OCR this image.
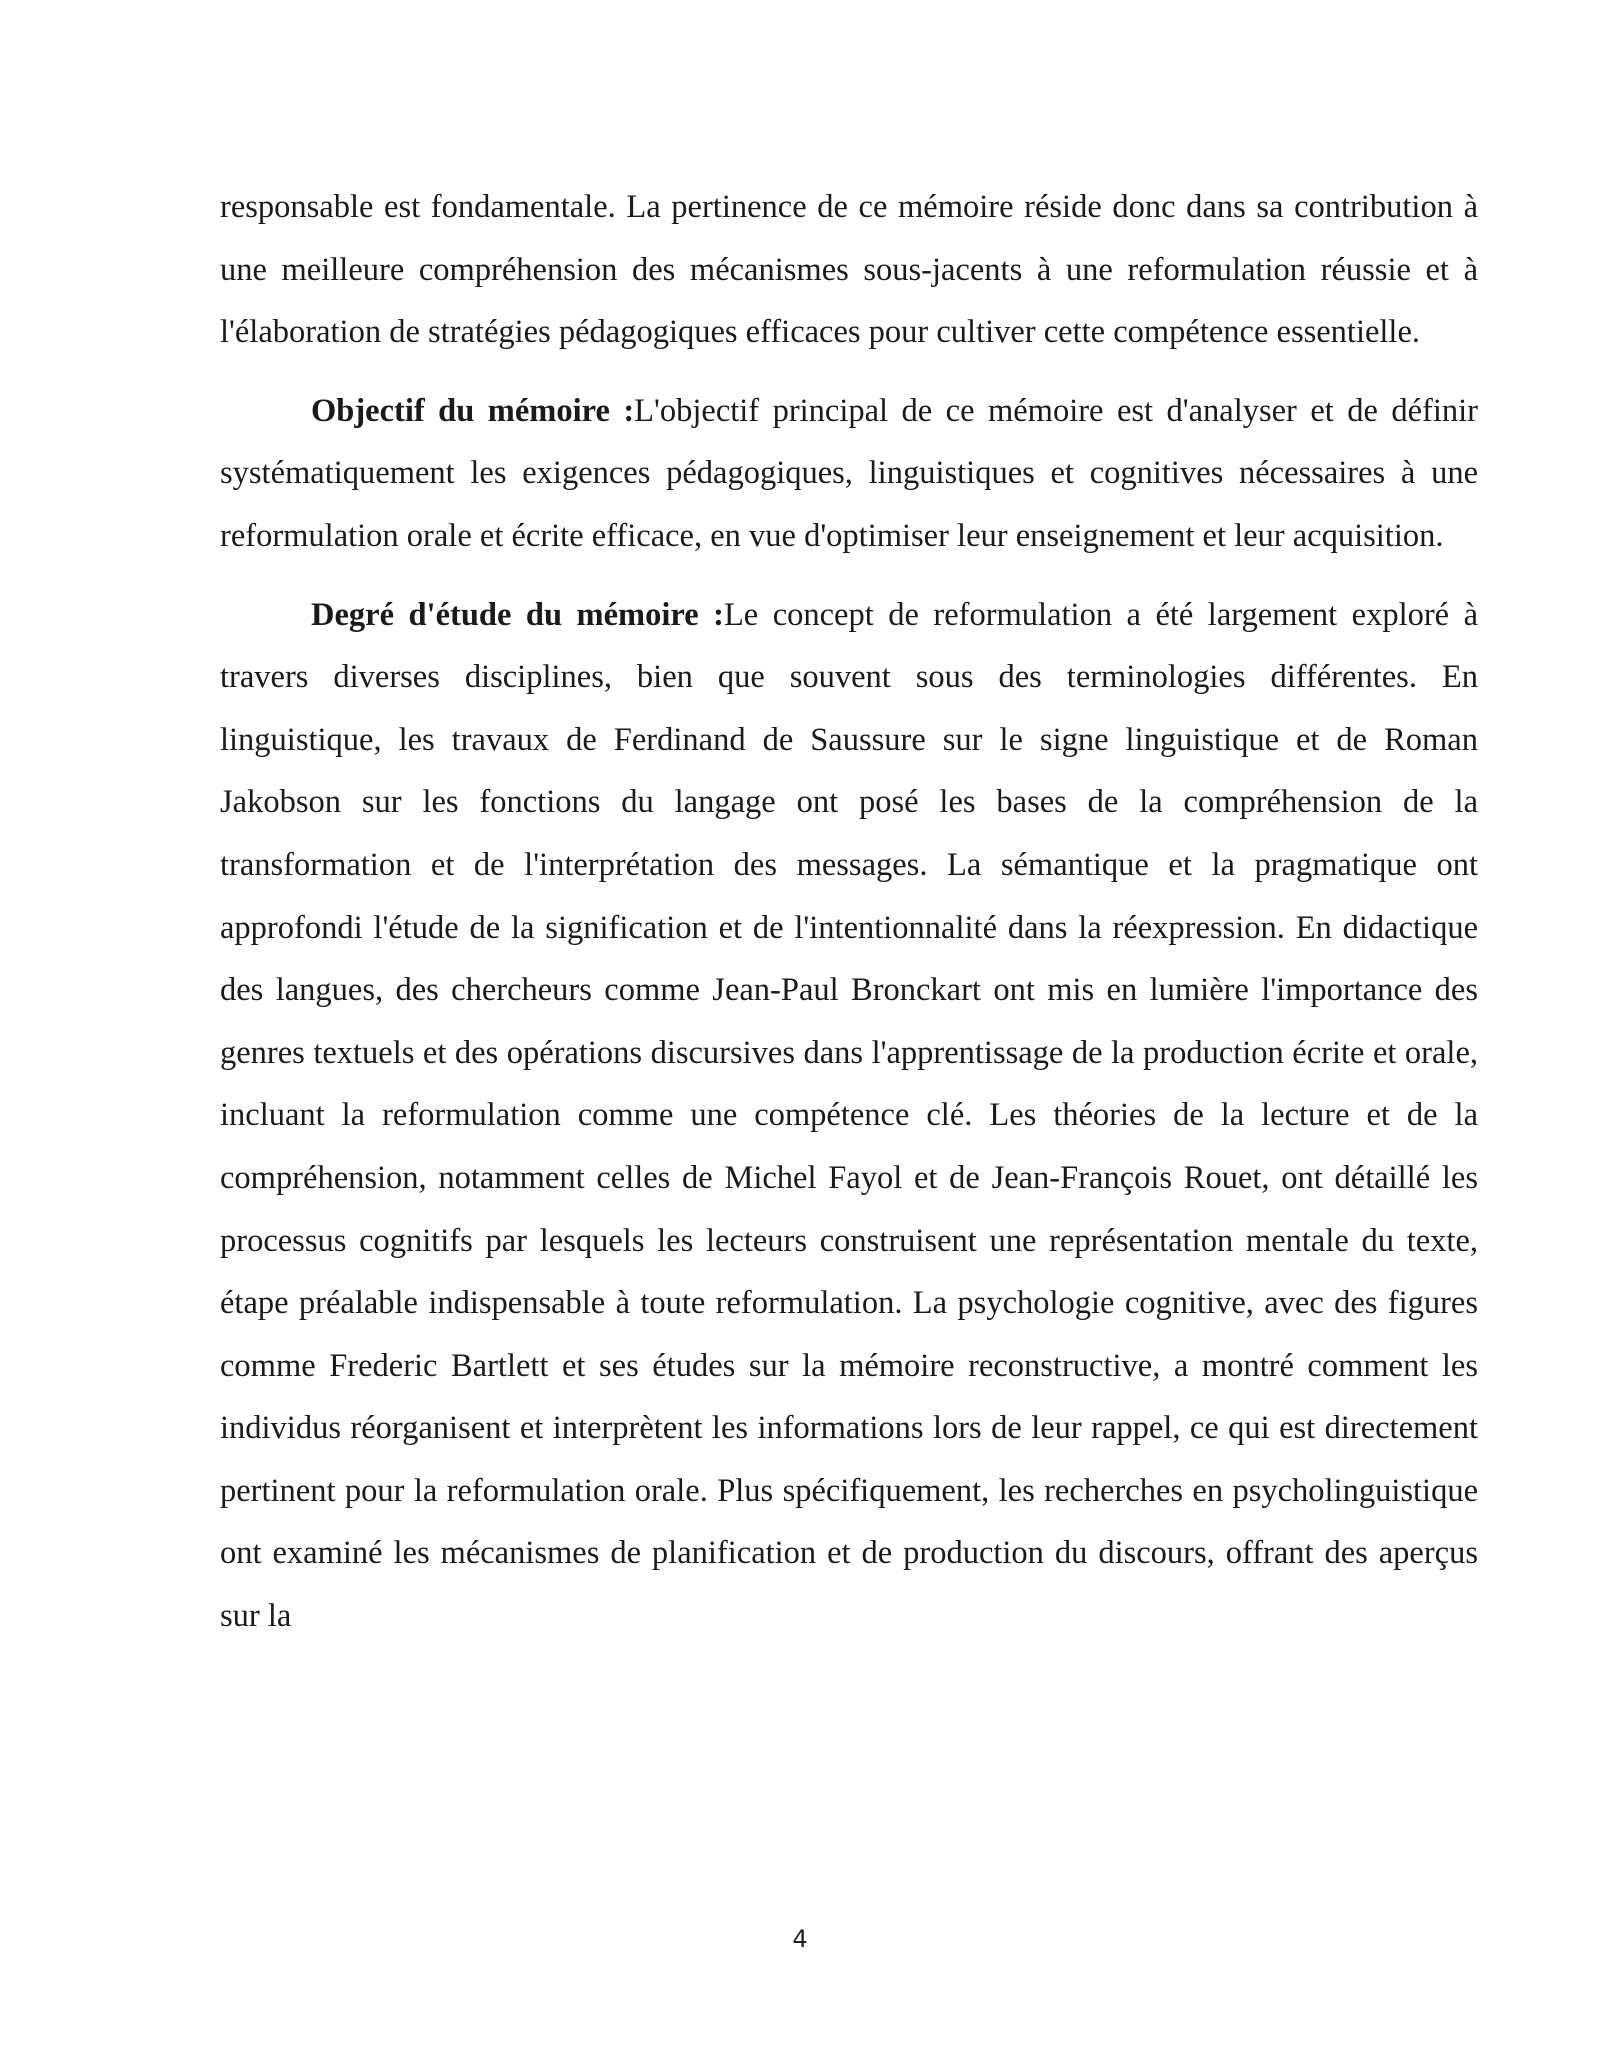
responsable est fondamentale. La pertinence de ce mémoire réside donc dans sa contribution à une meilleure compréhension des mécanismes sous-jacents à une reformulation réussie et à l'élaboration de stratégies pédagogiques efficaces pour cultiver cette compétence essentielle.

Objectif du mémoire :L'objectif principal de ce mémoire est d'analyser et de définir systématiquement les exigences pédagogiques, linguistiques et cognitives nécessaires à une reformulation orale et écrite efficace, en vue d'optimiser leur enseignement et leur acquisition.

Degré d'étude du mémoire :Le concept de reformulation a été largement exploré à travers diverses disciplines, bien que souvent sous des terminologies différentes. En linguistique, les travaux de Ferdinand de Saussure sur le signe linguistique et de Roman Jakobson sur les fonctions du langage ont posé les bases de la compréhension de la transformation et de l'interprétation des messages. La sémantique et la pragmatique ont approfondi l'étude de la signification et de l'intentionnalité dans la réexpression. En didactique des langues, des chercheurs comme Jean-Paul Bronckart ont mis en lumière l'importance des genres textuels et des opérations discursives dans l'apprentissage de la production écrite et orale, incluant la reformulation comme une compétence clé. Les théories de la lecture et de la compréhension, notamment celles de Michel Fayol et de Jean-François Rouet, ont détaillé les processus cognitifs par lesquels les lecteurs construisent une représentation mentale du texte, étape préalable indispensable à toute reformulation. La psychologie cognitive, avec des figures comme Frederic Bartlett et ses études sur la mémoire reconstructive, a montré comment les individus réorganisent et interprètent les informations lors de leur rappel, ce qui est directement pertinent pour la reformulation orale. Plus spécifiquement, les recherches en psycholinguistique ont examiné les mécanismes de planification et de production du discours, offrant des aperçus sur la

4
